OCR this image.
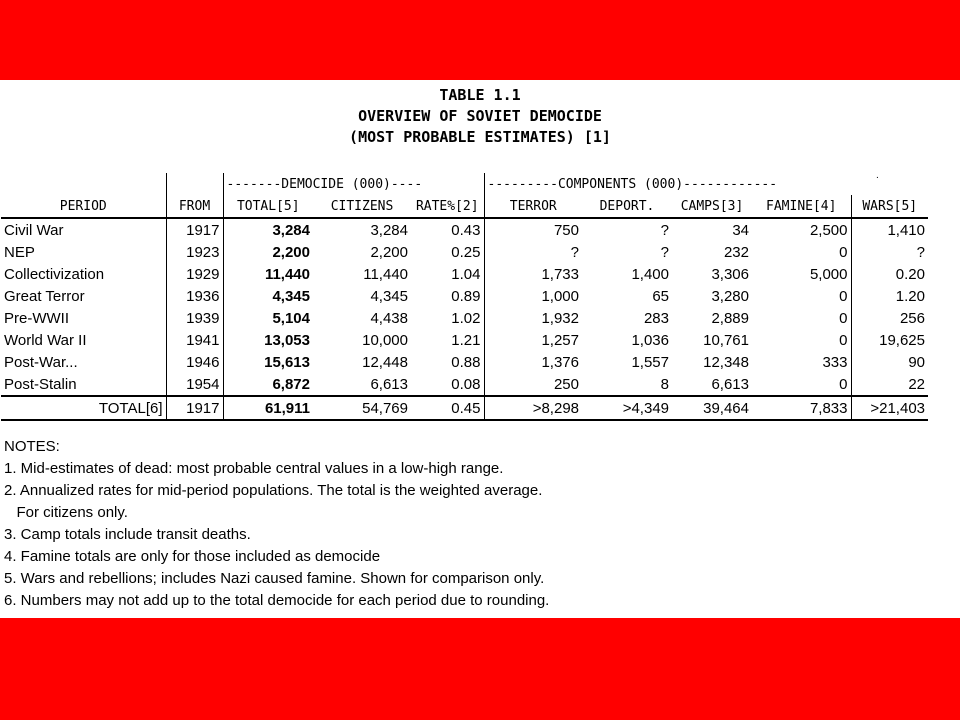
TABLE 1.1
OVERVIEW OF SOVIET DEMOCIDE
(MOST PROBABLE ESTIMATES) [1]
.
		-------DEMOCIDE (000)----			---------COMPONENTS (000)------------				
PERIOD	FROM	TOTAL[5]	CITIZENS	RATE%[2]	TERROR	DEPORT.	CAMPS[3]	FAMINE[4]	WARS[5]
Civil War	1917	3,284	3,284	0.43	750	?	34	2,500	1,410
NEP	1923	2,200	2,200	0.25	?	?	232	0	?
Collectivization	1929	11,440	11,440	1.04	1,733	1,400	3,306	5,000	0.20
Great Terror	1936	4,345	4,345	0.89	1,000	65	3,280	0	1.20
Pre-WWII	1939	5,104	4,438	1.02	1,932	283	2,889	0	256
World War II	1941	13,053	10,000	1.21	1,257	1,036	10,761	0	19,625
Post-War...	1946	15,613	12,448	0.88	1,376	1,557	12,348	333	90
Post-Stalin	1954	6,872	6,613	0.08	250	8	6,613	0	22
TOTAL[6]	1917	61,911	54,769	0.45	>8,298	>4,349	39,464	7,833	>21,403
NOTES:
1. Mid-estimates of dead: most probable central values in a low-high range.
2. Annualized rates for mid-period populations. The total is the weighted average.
For citizens only.
3. Camp totals include transit deaths.
4. Famine totals are only for those included as democide
5. Wars and rebellions; includes Nazi caused famine. Shown for comparison only.
6. Numbers may not add up to the total democide for each period due to rounding.
